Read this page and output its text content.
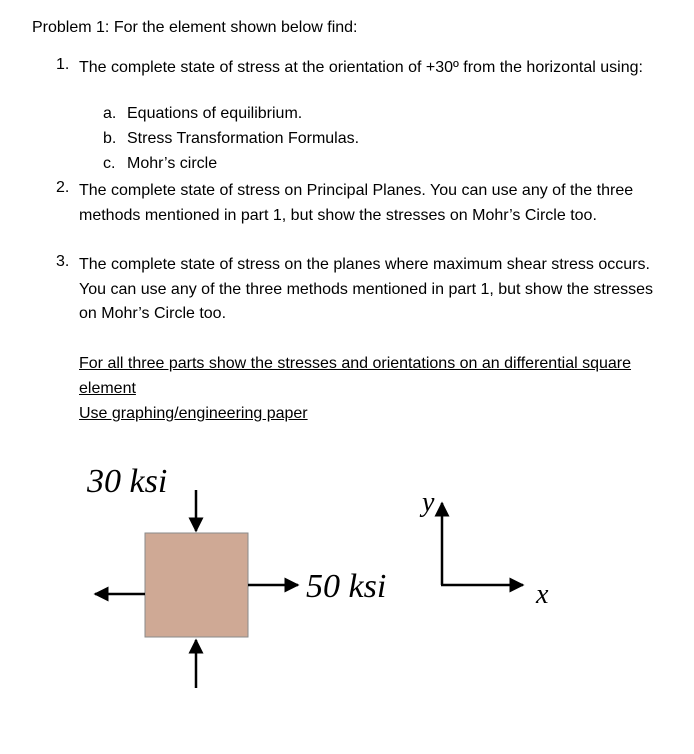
Problem 1: For the element shown below find:
1. The complete state of stress at the orientation of +30º from the horizontal using:
a. Equations of equilibrium.
b. Stress Transformation Formulas.
c. Mohr’s circle
2. The complete state of stress on Principal Planes. You can use any of the three methods mentioned in part 1, but show the stresses on Mohr’s Circle too.
3. The complete state of stress on the planes where maximum shear stress occurs. You can use any of the three methods mentioned in part 1, but show the stresses on Mohr’s Circle too.
For all three parts show the stresses and orientations on an differential square element
Use graphing/engineering paper
30 ksi
50 ksi
y
x
